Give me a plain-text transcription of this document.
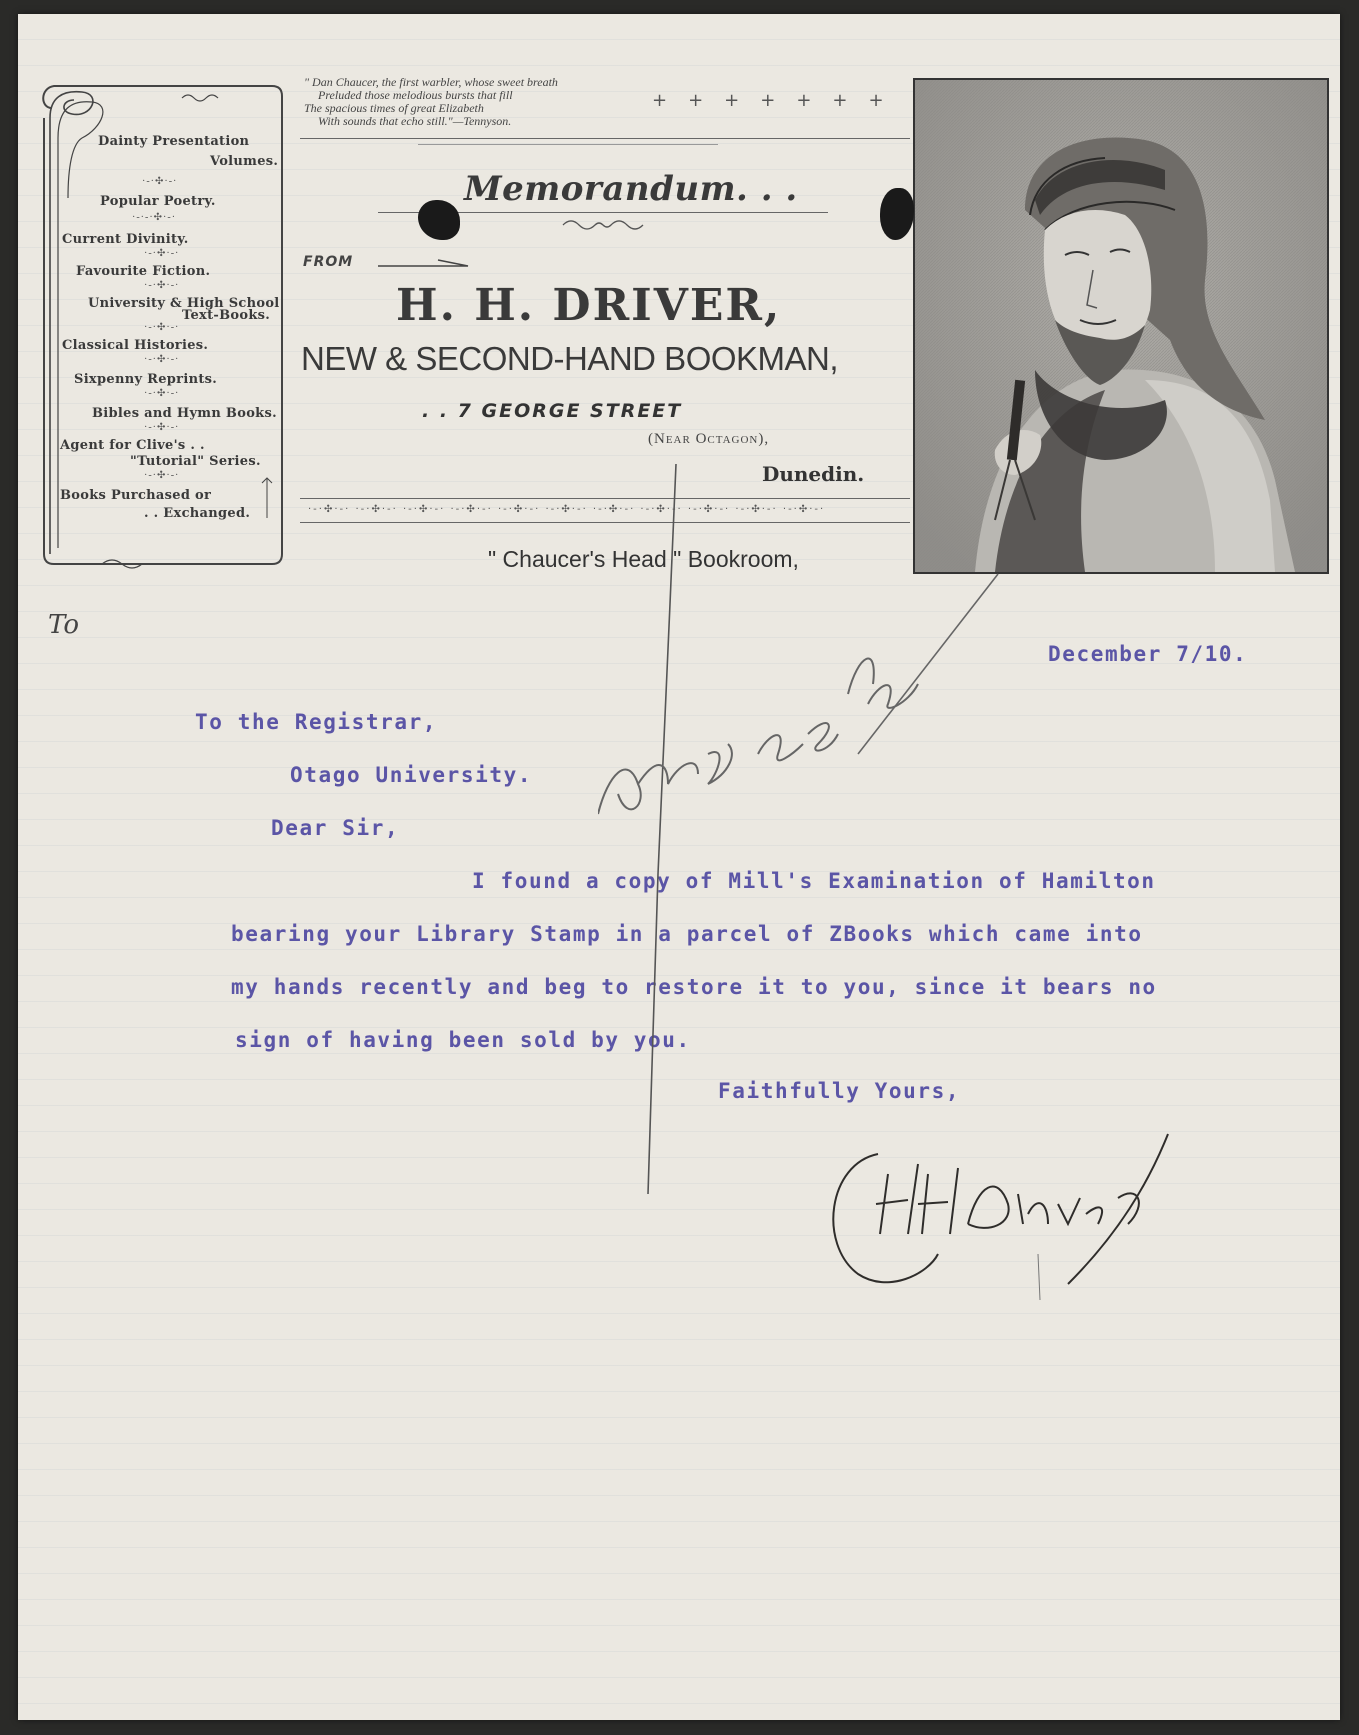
Dainty Presentation
Volumes.
·-·✣·-·
Popular Poetry.
·-·-·✣·-·
Current Divinity.
·-·✣·-·
Favourite Fiction.
·-·✣·-·
University & High School
Text-Books.
·-·✣·-·
Classical Histories.
·-·✣·-·
Sixpenny Reprints.
·-·✣·-·
Bibles and Hymn Books.
·-·✣·-·
Agent for Clive's . .
"Tutorial" Series.
·-·✣·-·
Books Purchased or
. . Exchanged.
" Dan Chaucer, the first warbler, whose sweet breath
Preluded those melodious bursts that fill
The spacious times of great Elizabeth
With sounds that echo still."—Tennyson.
+++++++
Memorandum. . .
FROM
H. H. DRIVER,
NEW & SECOND-HAND BOOKMAN,
. . 7 GEORGE STREET
(Near Octagon),
Dunedin.
·-·✣·-· ·-·✣·-· ·-·✣·-· ·-·✣·-· ·-·✣·-· ·-·✣·-· ·-·✣·-· ·-·✣·-· ·-·✣·-· ·-·✣·-· ·-·✣·-·
" Chaucer's Head " Bookroom,
To
December 7/10.
To the Registrar,
Otago University.
Dear Sir,
I found a copy of Mill's Examination of Hamilton
bearing your Library Stamp in a parcel of ZBooks which came into
my hands recently and beg to restore it to you, since it bears no
sign of having been sold by you.
Faithfully Yours,
